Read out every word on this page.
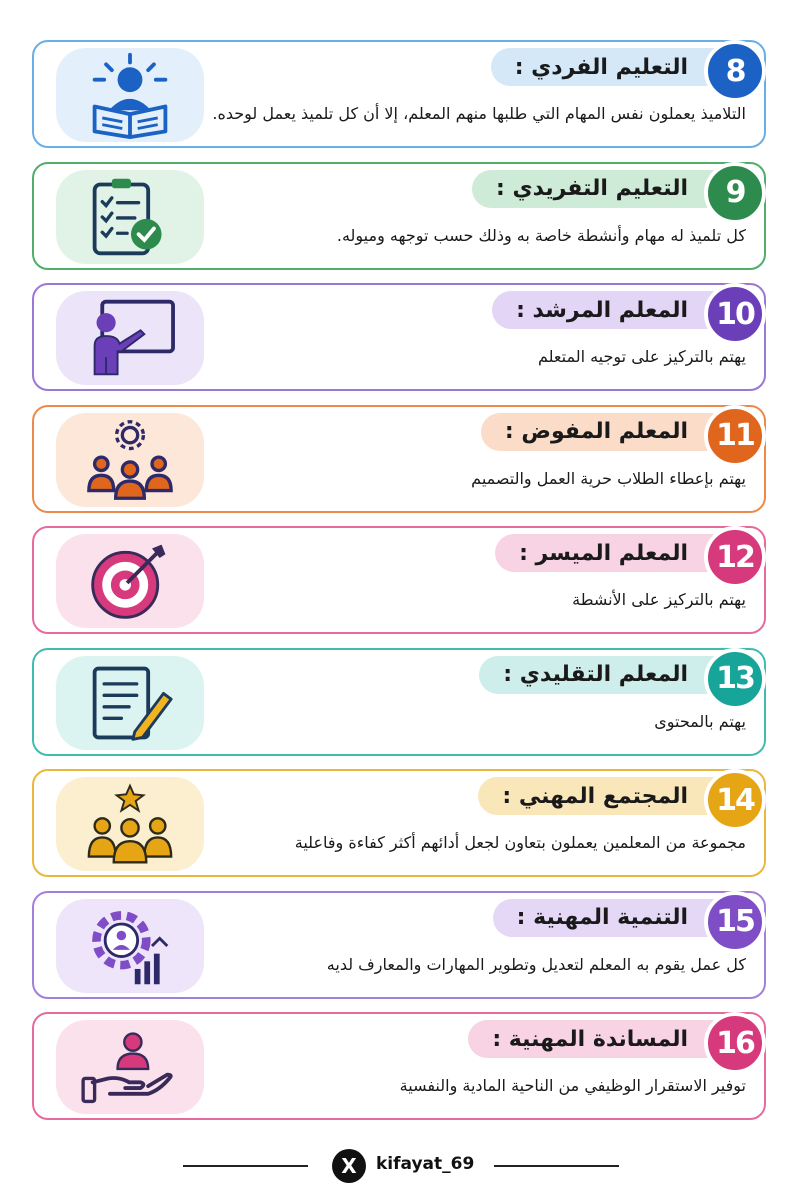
التلاميذ يعملون نفس المهام التي طلبها منهم المعلم، إلا أن كل تلميذ يعمل لوحده.
التعليم الفردي :	8
كل تلميذ له مهام وأنشطة خاصة به وذلك حسب توجهه وميوله.
التعليم التفريدي :	9
يهتم بالتركيز على توجيه المتعلم
المعلم المرشد : 10
يهتم بإعطاء الطلاب حرية العمل والتصميم
المعلم المفوض : 11
يهتم بالتركيز على الأنشطة
المعلم الميسر : 12
يهتم بالمحتوى
المعلم التقليدي : 13
مجموعة من المعلمين يعملون بتعاون لجعل أدائهم أكثر كفاءة وفاعلية
المجتمع المهني : 14
كل عمل يقوم به المعلم لتعديل وتطوير المهارات والمعارف لديه
التنمية المهنية : 15
توفير الاستقرار الوظيفي من الناحية المادية والنفسية
المساندة المهنية : 16
X kifayat_69
